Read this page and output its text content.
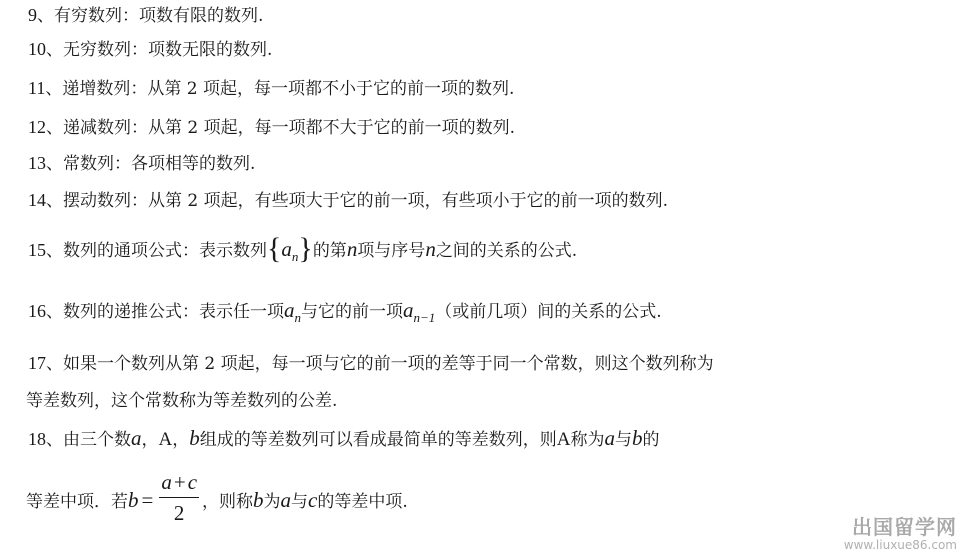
9、有穷数列：项数有限的数列.
10、无穷数列：项数无限的数列.
11、递增数列：从第 2 项起，每一项都不小于它的前一项的数列.
12、递减数列：从第 2 项起，每一项都不大于它的前一项的数列.
13、常数列：各项相等的数列.
14、摆动数列：从第 2 项起，有些项大于它的前一项，有些项小于它的前一项的数列.
15、数列的通项公式：表示数列$\{a_n\}$的第n项与序号n之间的关系的公式.
16、数列的递推公式：表示任一项$a_n$与它的前一项$a_{n-1}$（或前几项）间的关系的公式.
17、如果一个数列从第 2 项起，每一项与它的前一项的差等于同一个常数，则这个数列称为
等差数列，这个常数称为等差数列的公差.
18、由三个数a，A，b组成的等差数列可以看成最简单的等差数列，则A称为a与b的
等差中项．若$b = \frac{a+c}{2}$ ，则称b为a与c的等差中项.
出国留学网
www.liuxue86.com
